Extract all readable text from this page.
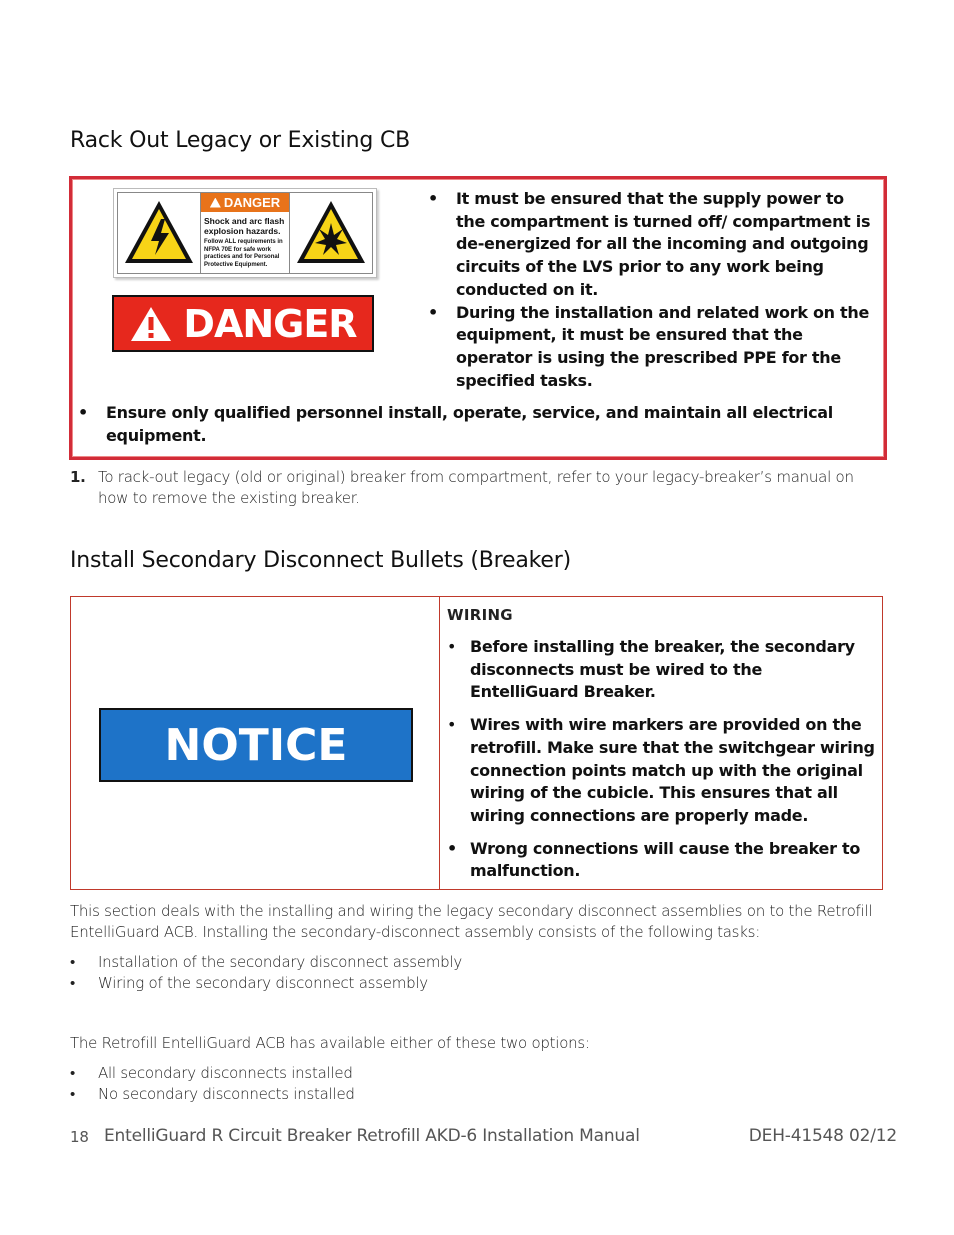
Rack Out Legacy or Existing CB
DANGER
Shock and arc flash
explosion hazards.
Follow ALL requirements in
NFPA 70E for safe work
practices and for Personal
Protective Equipment.
DANGER
• It must be ensured that the supply power to the compartment is turned off/ compartment is de-energized for all the incoming and outgoing circuits of the LVS prior to any work being conducted on it.
• During the installation and related work on the equipment, it must be ensured that the operator is using the prescribed PPE for the specified tasks.
• Ensure only qualified personnel install, operate, service, and maintain all electrical equipment.
1. To rack-out legacy (old or original) breaker from compartment, refer to your legacy-breaker’s manual on how to remove the existing breaker.
Install Secondary Disconnect Bullets (Breaker)
NOTICE
WIRING
• Before installing the breaker, the secondary disconnects must be wired to the EntelliGuard Breaker.
• Wires with wire markers are provided on the retrofill. Make sure that the switchgear wiring connection points match up with the original wiring of the cubicle. This ensures that all wiring connections are properly made.
• Wrong connections will cause the breaker to malfunction.
This section deals with the installing and wiring the legacy secondary disconnect assemblies on to the Retrofill EntelliGuard ACB. Installing the secondary-disconnect assembly consists of the following tasks:
• Installation of the secondary disconnect assembly
• Wiring of the secondary disconnect assembly
The Retrofill EntelliGuard ACB has available either of these two options:
• All secondary disconnects installed
• No secondary disconnects installed
18 EntelliGuard R Circuit Breaker Retrofill AKD-6 Installation Manual	DEH-41548 02/12
